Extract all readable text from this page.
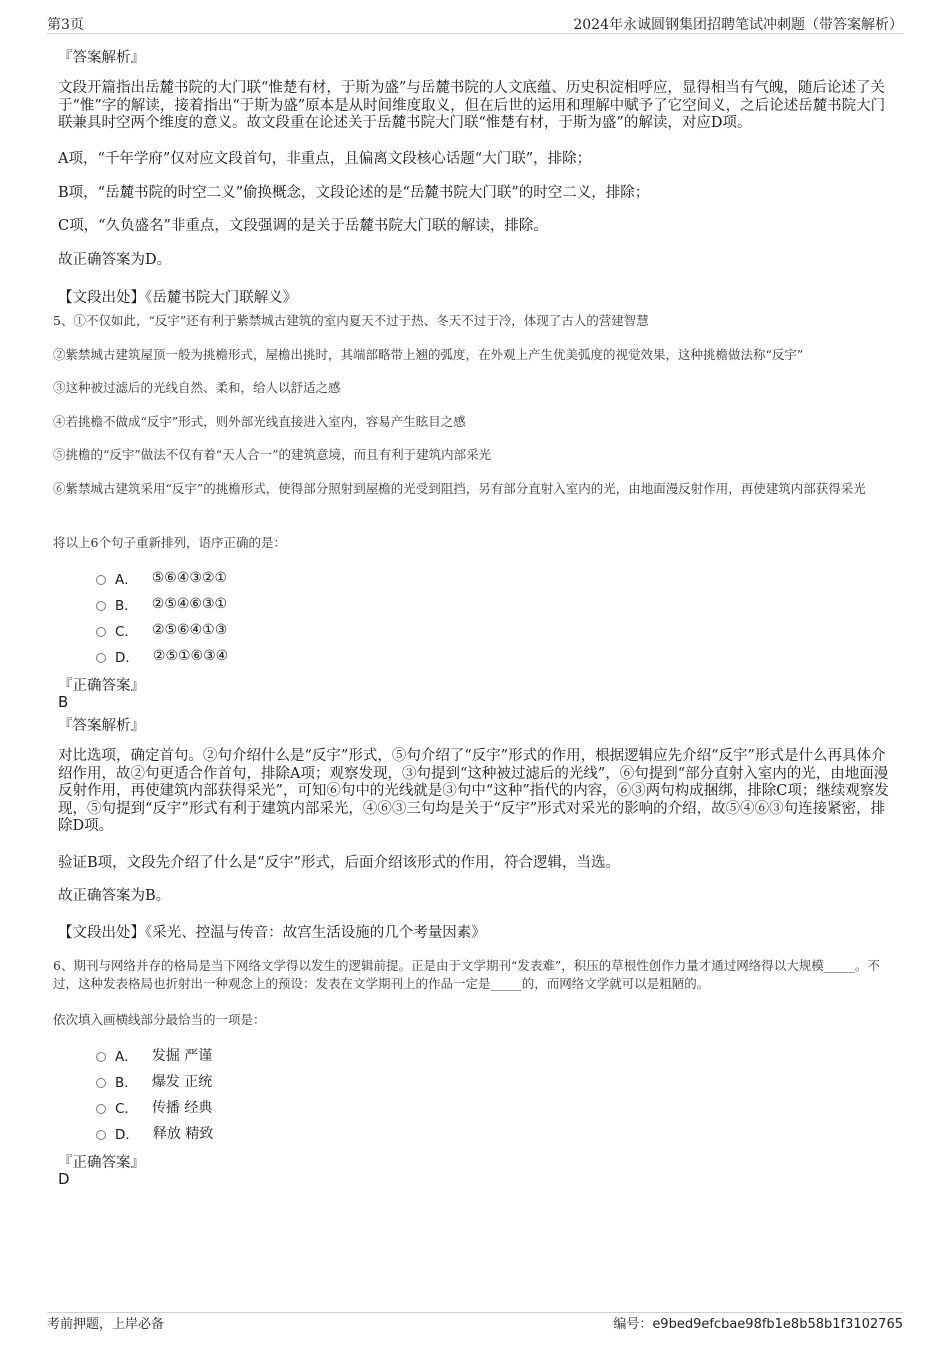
第3页	2024年永诚圆钢集团招聘笔试冲刺题（带答案解析）
『答案解析』
文段开篇指出岳麓书院的大门联“惟楚有材，于斯为盛”与岳麓书院的人文底蕴、历史积淀相呼应，显得相当有气魄，随后论述了关于“惟”字的解读，接着指出“于斯为盛”原本是从时间维度取义，但在后世的运用和理解中赋予了它空间义，之后论述岳麓书院大门联兼具时空两个维度的意义。故文段重在论述关于岳麓书院大门联“惟楚有材，于斯为盛”的解读，对应D项。
A项，“千年学府”仅对应文段首句，非重点，且偏离文段核心话题“大门联”，排除；
B项，“岳麓书院的时空二义”偷换概念，文段论述的是“岳麓书院大门联”的时空二义，排除；
C项，“久负盛名”非重点，文段强调的是关于岳麓书院大门联的解读，排除。
故正确答案为D。
【文段出处】《岳麓书院大门联解义》
5、①不仅如此，“反宇”还有利于紫禁城古建筑的室内夏天不过于热、冬天不过于冷，体现了古人的营建智慧
②紫禁城古建筑屋顶一般为挑檐形式，屋檐出挑时，其端部略带上翘的弧度，在外观上产生优美弧度的视觉效果，这种挑檐做法称“反宇”
③这种被过滤后的光线自然、柔和，给人以舒适之感
④若挑檐不做成“反宇”形式，则外部光线直接进入室内，容易产生眩目之感
⑤挑檐的“反宇”做法不仅有着“天人合一”的建筑意境，而且有利于建筑内部采光
⑥紫禁城古建筑采用“反宇”的挑檐形式，使得部分照射到屋檐的光受到阻挡，另有部分直射入室内的光，由地面漫反射作用，再使建筑内部获得采光
将以上6个句子重新排列，语序正确的是：
A． ⑤⑥④③②①
B． ②⑤④⑥③①
C． ②⑤⑥④①③
D． ②⑤①⑥③④
『正确答案』
B
『答案解析』
对比选项，确定首句。②句介绍什么是“反宇”形式，⑤句介绍了“反宇”形式的作用，根据逻辑应先介绍“反宇”形式是什么再具体介绍作用，故②句更适合作首句，排除A项；观察发现，③句提到“这种被过滤后的光线”，⑥句提到“部分直射入室内的光，由地面漫反射作用，再使建筑内部获得采光”，可知⑥句中的光线就是③句中“这种”指代的内容，⑥③两句构成捆绑，排除C项；继续观察发现，⑤句提到“反宇”形式有利于建筑内部采光，④⑥③三句均是关于“反宇”形式对采光的影响的介绍，故⑤④⑥③句连接紧密，排除D项。
验证B项，文段先介绍了什么是“反宇”形式，后面介绍该形式的作用，符合逻辑，当选。
故正确答案为B。
【文段出处】《采光、控温与传音：故宫生活设施的几个考量因素》
6、期刊与网络并存的格局是当下网络文学得以发生的逻辑前提。正是由于文学期刊“发表难”，积压的草根性创作力量才通过网络得以大规模_____。不过，这种发表格局也折射出一种观念上的预设：发表在文学期刊上的作品一定是_____的，而网络文学就可以是粗陋的。
依次填入画横线部分最恰当的一项是：
A． 发掘 严谨
B． 爆发 正统
C． 传播 经典
D． 释放 精致
『正确答案』
D
考前押题，上岸必备	编号：e9bed9efcbae98fb1e8b58b1f3102765
